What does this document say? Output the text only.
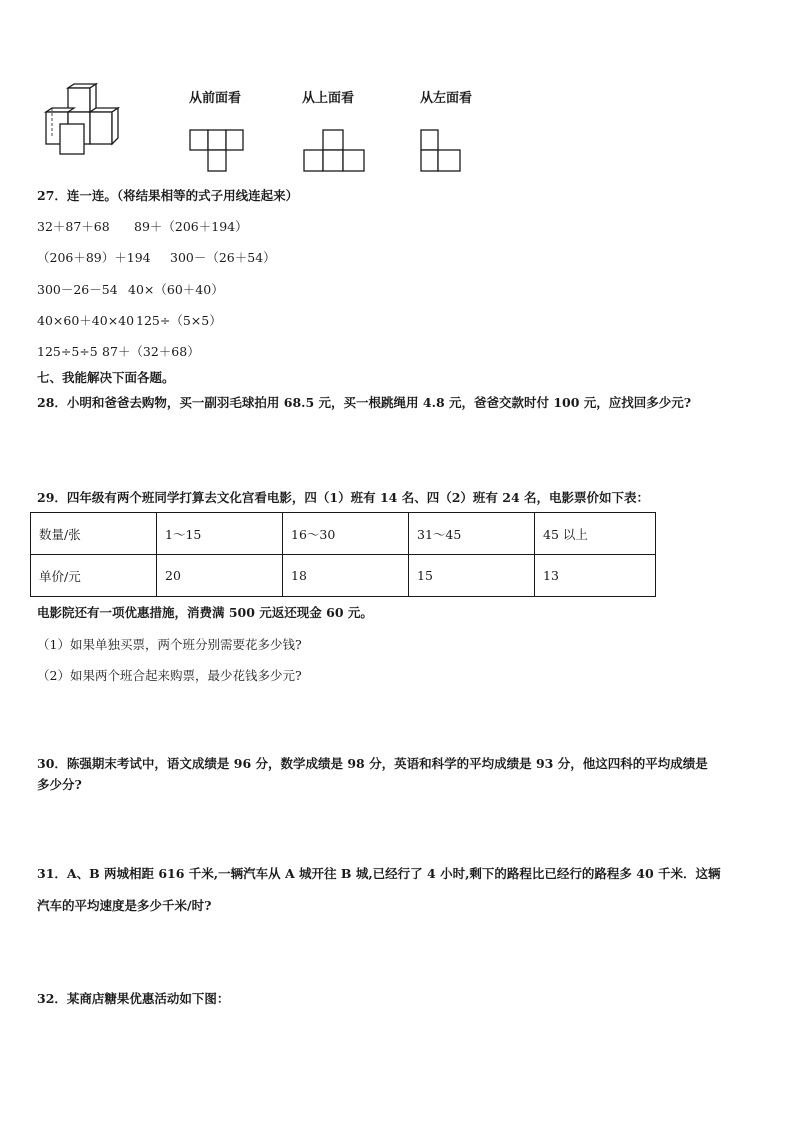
从前面看	从上面看	从左面看
27．连一连。（将结果相等的式子用线连起来）
32＋87＋68 89＋（206＋194）
（206＋89）＋194 300－（26＋54）
300－26－54 40×（60＋40）
40×60＋40×40 125÷（5×5）
125÷5÷5 87＋（32＋68）
七、我能解决下面各题。
28．小明和爸爸去购物，买一副羽毛球拍用 68.5 元，买一根跳绳用 4.8 元，爸爸交款时付 100 元，应找回多少元?
29．四年级有两个班同学打算去文化宫看电影，四（1）班有 14 名、四（2）班有 24 名，电影票价如下表：
数量/张	1～15	16～30	31～45	45 以上
单价/元	20	18	15	13
电影院还有一项优惠措施，消费满 500 元返还现金 60 元。
（1）如果单独买票，两个班分别需要花多少钱?
（2）如果两个班合起来购票，最少花钱多少元?
30．陈强期末考试中，语文成绩是 96 分，数学成绩是 98 分，英语和科学的平均成绩是 93 分，他这四科的平均成绩是
多少分?
31．A、B 两城相距 616 千米,一辆汽车从 A 城开往 B 城,已经行了 4 小时,剩下的路程比已经行的路程多 40 千米．这辆
汽车的平均速度是多少千米/时?
32．某商店糖果优惠活动如下图：
